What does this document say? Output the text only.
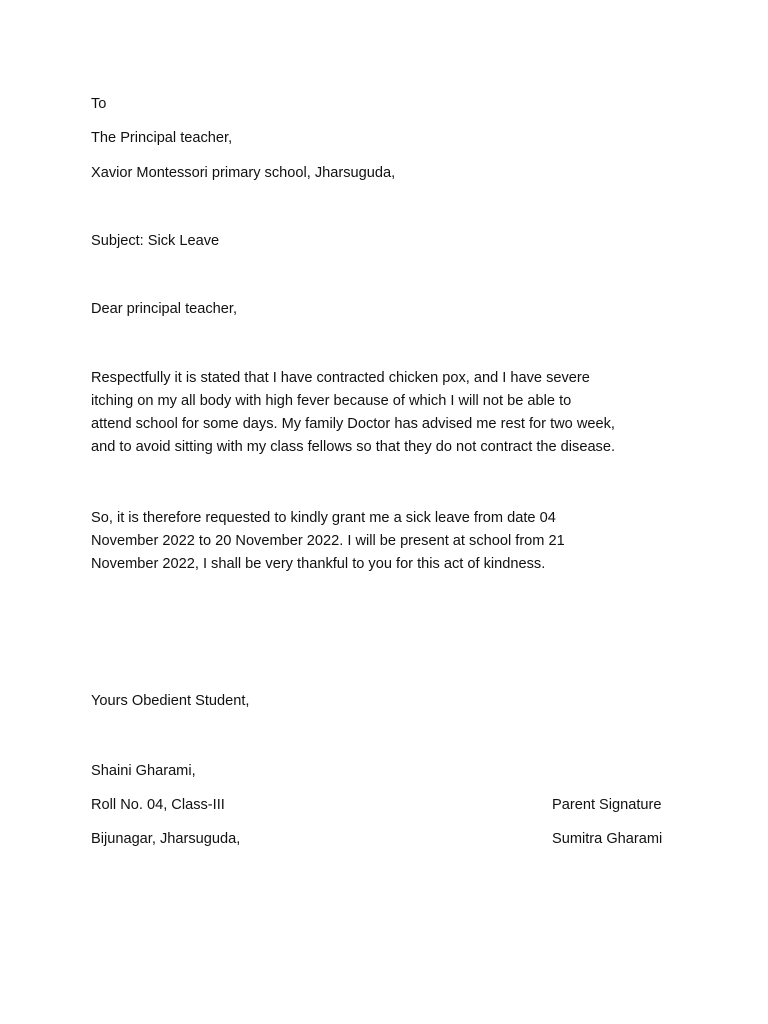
To
The Principal teacher,
Xavior Montessori primary school, Jharsuguda,
Subject: Sick Leave
Dear principal teacher,
Respectfully it is stated that I have contracted chicken pox, and I have severe
itching on my all body with high fever because of which I will not be able to
attend school for some days. My family Doctor has advised me rest for two week,
and to avoid sitting with my class fellows so that they do not contract the disease.
So, it is therefore requested to kindly grant me a sick leave from date 04
November 2022 to 20 November 2022. I will be present at school from 21
November 2022, I shall be very thankful to you for this act of kindness.
Yours Obedient Student,
Shaini Gharami,
Roll No. 04, Class-III
Bijunagar, Jharsuguda,
Parent Signature
Sumitra Gharami
